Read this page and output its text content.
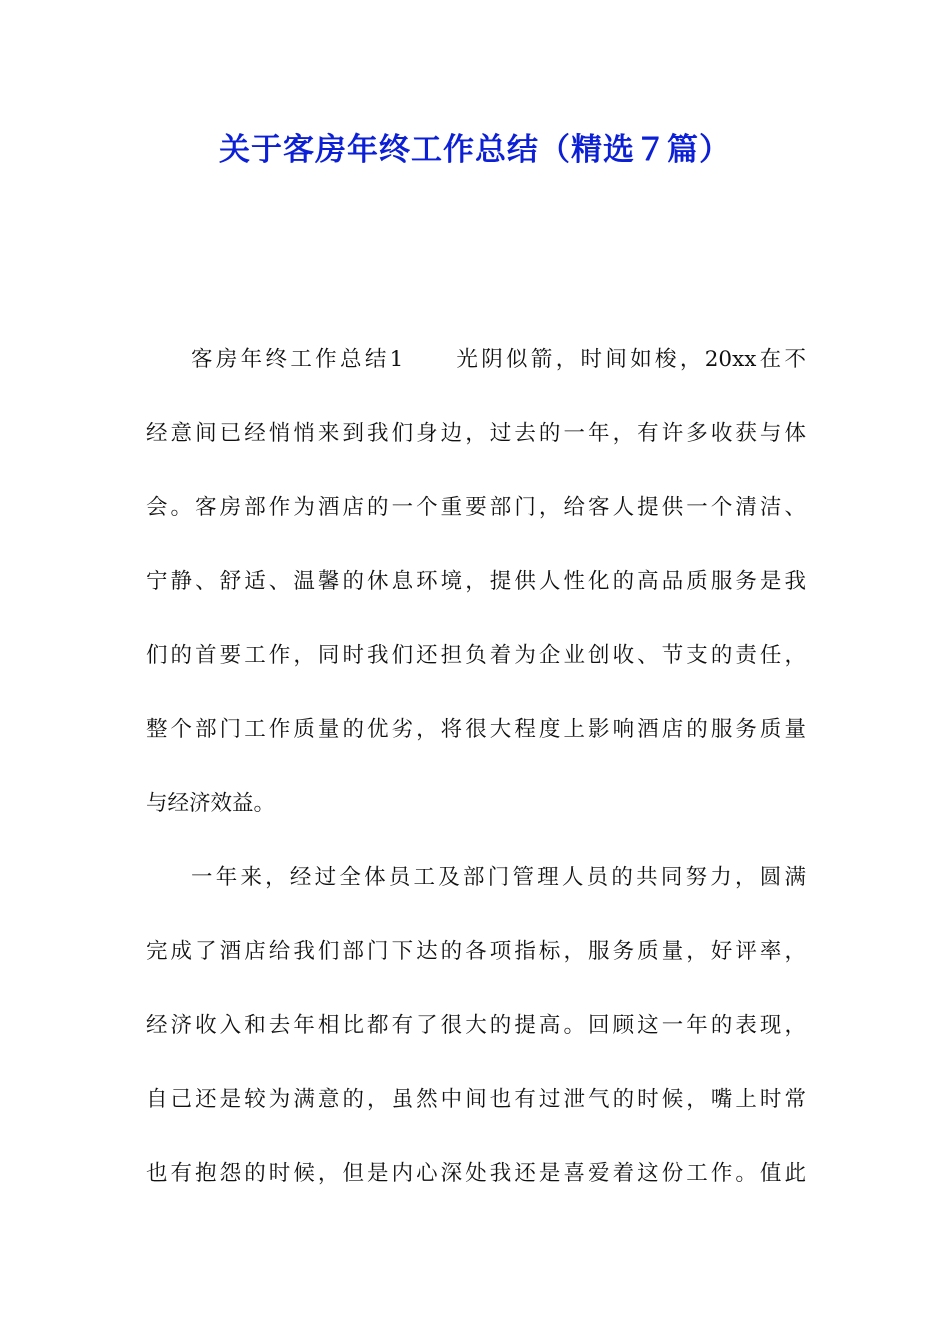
关于客房年终工作总结（精选７篇）
客房年终工作总结1　　光阴似箭，时间如梭，20xx在不
经意间已经悄悄来到我们身边，过去的一年，有许多收获与体
会。客房部作为酒店的一个重要部门，给客人提供一个清洁、
宁静、舒适、温馨的休息环境，提供人性化的高品质服务是我
们的首要工作，同时我们还担负着为企业创收、节支的责任，
整个部门工作质量的优劣，将很大程度上影响酒店的服务质量
与经济效益。
一年来，经过全体员工及部门管理人员的共同努力，圆满
完成了酒店给我们部门下达的各项指标，服务质量，好评率，
经济收入和去年相比都有了很大的提高。回顾这一年的表现，
自己还是较为满意的，虽然中间也有过泄气的时候，嘴上时常
也有抱怨的时候，但是内心深处我还是喜爱着这份工作。值此
